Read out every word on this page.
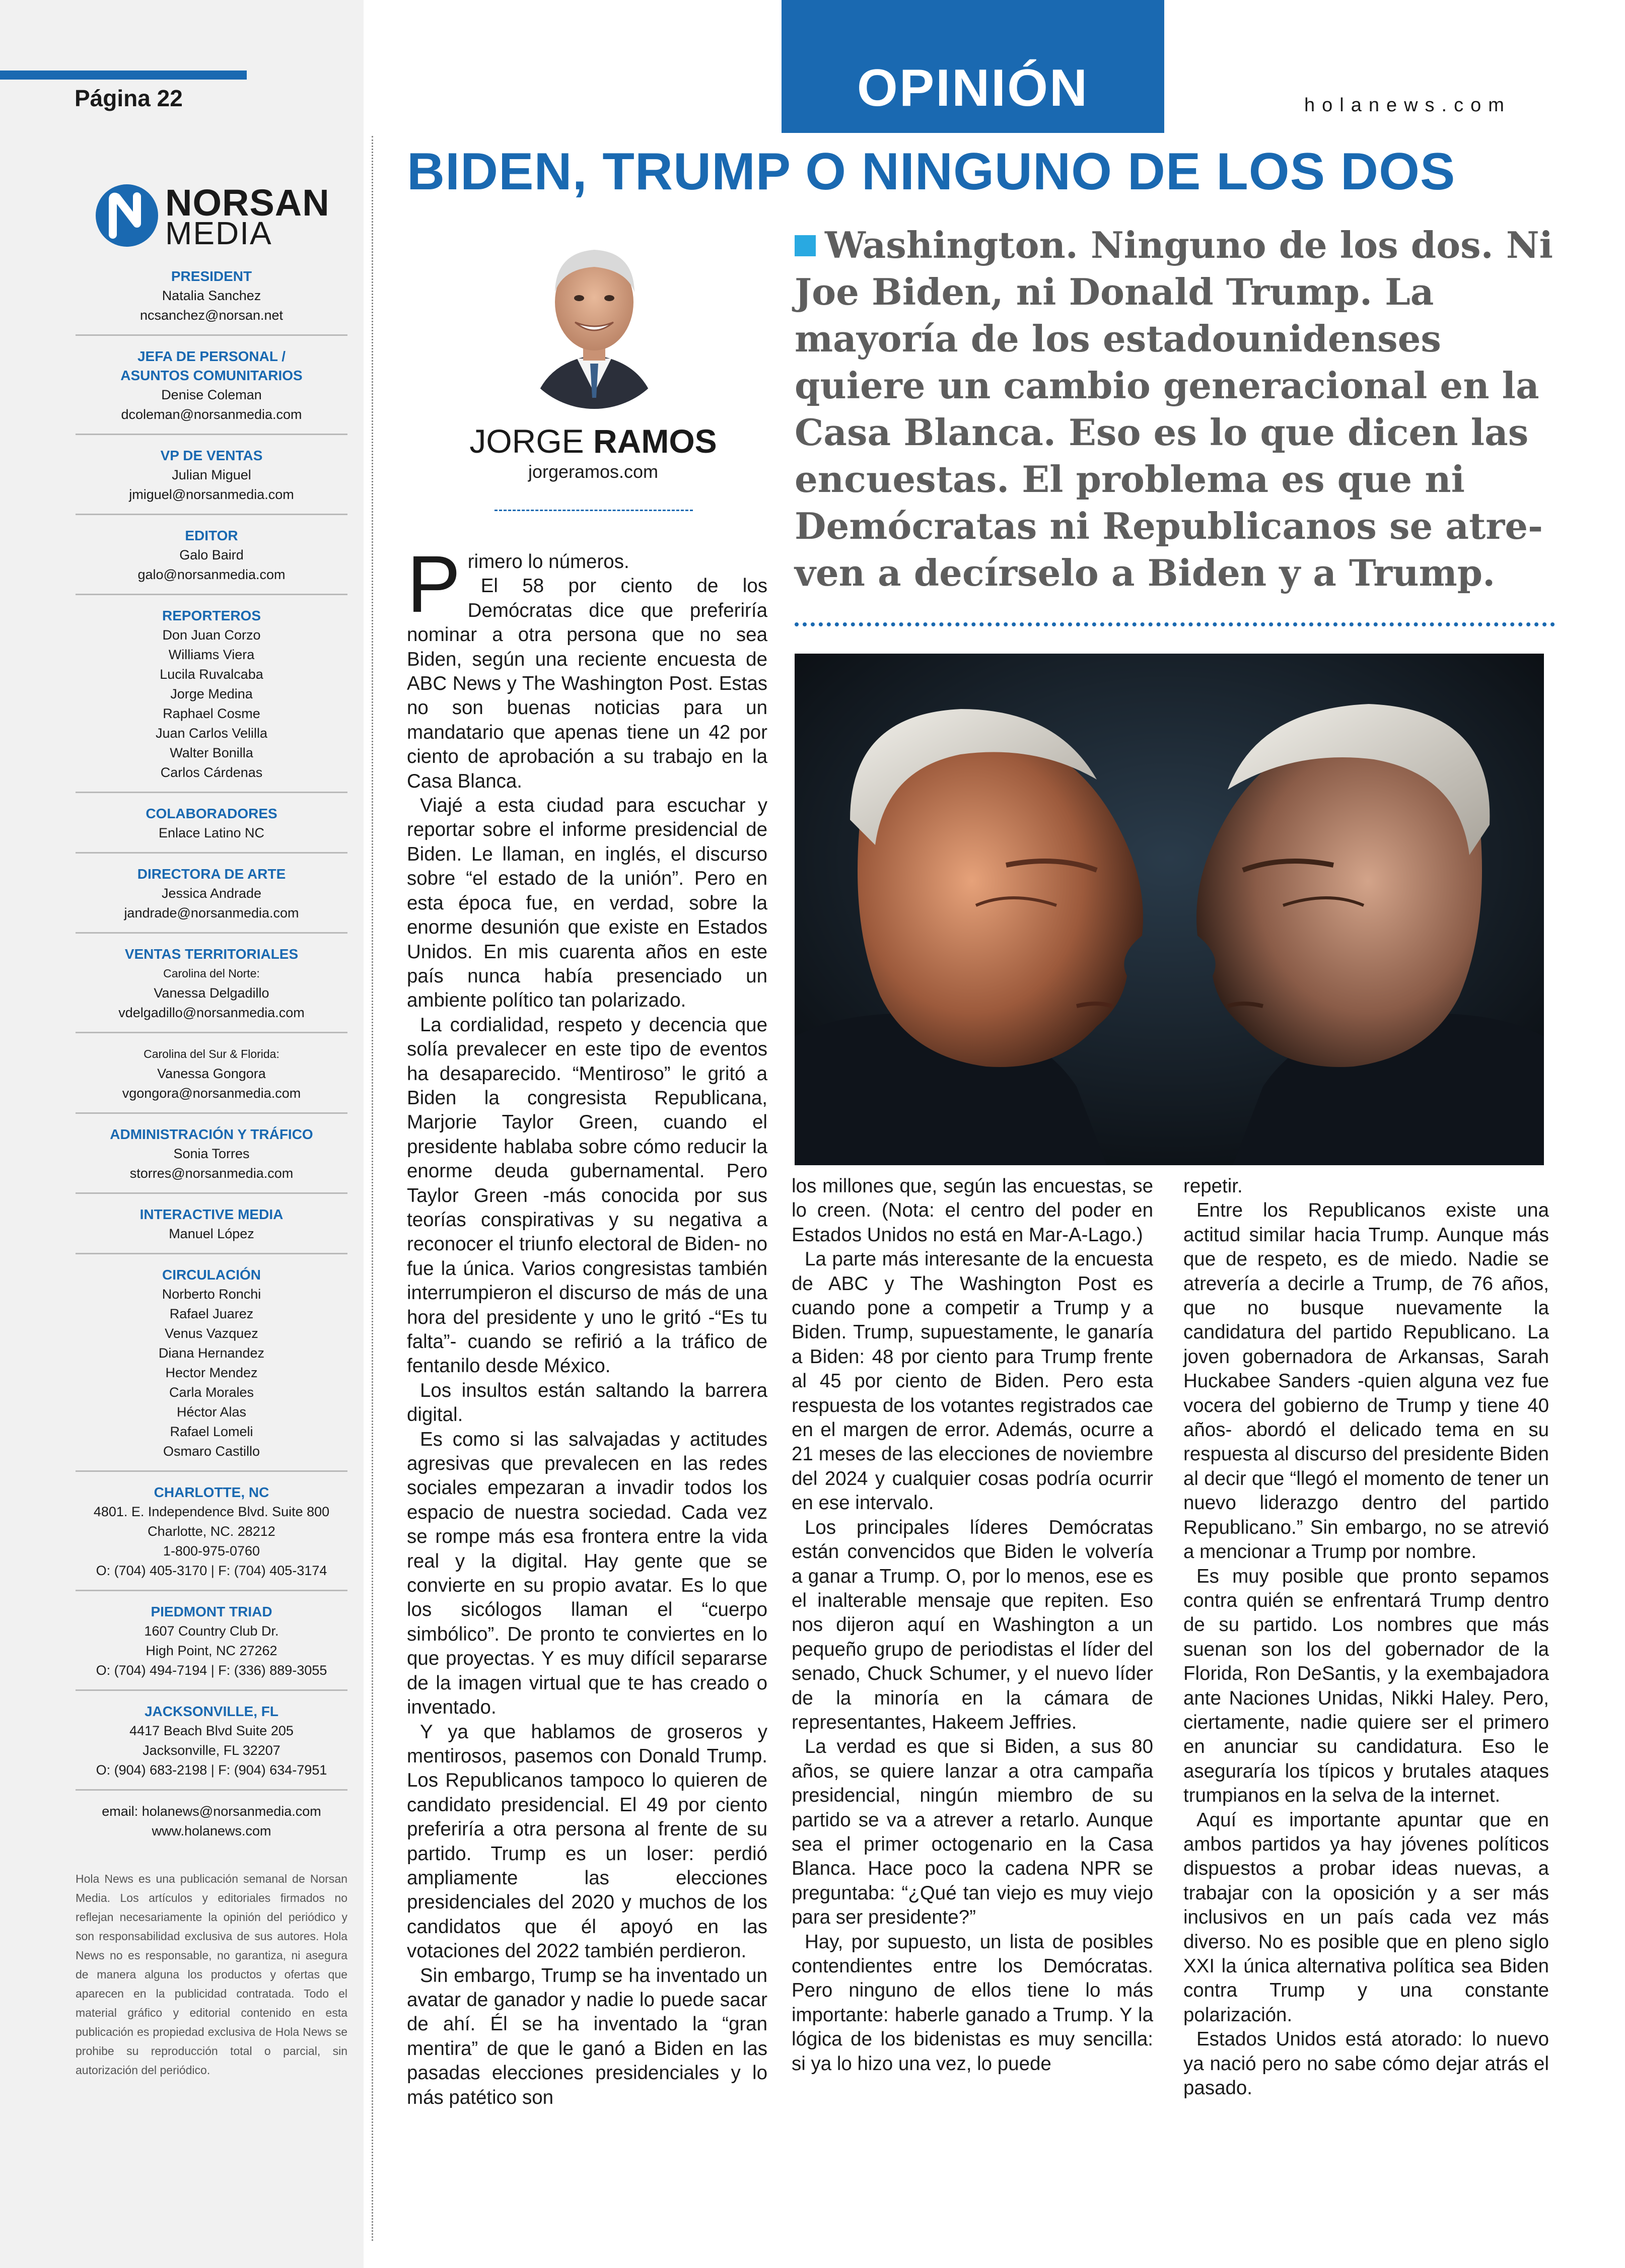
Página 22
NORSAN
MEDIA
PRESIDENT
Natalia Sanchez
ncsanchez@norsan.net
JEFA DE PERSONAL /
ASUNTOS COMUNITARIOS
Denise Coleman
dcoleman@norsanmedia.com
VP DE VENTAS
Julian Miguel
jmiguel@norsanmedia.com
EDITOR
Galo Baird
galo@norsanmedia.com
REPORTEROS
Don Juan Corzo
Williams Viera
Lucila Ruvalcaba
Jorge Medina
Raphael Cosme
Juan Carlos Velilla
Walter Bonilla
Carlos Cárdenas
COLABORADORES
Enlace Latino NC
DIRECTORA DE ARTE
Jessica Andrade
jandrade@norsanmedia.com
VENTAS TERRITORIALES
Carolina del Norte:
Vanessa Delgadillo
vdelgadillo@norsanmedia.com
Carolina del Sur & Florida:
Vanessa Gongora
vgongora@norsanmedia.com
ADMINISTRACIÓN Y TRÁFICO
Sonia Torres
storres@norsanmedia.com
INTERACTIVE MEDIA
Manuel López
CIRCULACIÓN
Norberto Ronchi
Rafael Juarez
Venus Vazquez
Diana Hernandez
Hector Mendez
Carla Morales
Héctor Alas
Rafael Lomeli
Osmaro Castillo
CHARLOTTE, NC
4801. E. Independence Blvd. Suite 800
Charlotte, NC. 28212
1-800-975-0760
O: (704) 405-3170 | F: (704) 405-3174
PIEDMONT TRIAD
1607 Country Club Dr.
High Point, NC 27262
O: (704) 494-7194 | F: (336) 889-3055
JACKSONVILLE, FL
4417 Beach Blvd Suite 205
Jacksonville, FL 32207
O: (904) 683-2198 | F: (904) 634-7951
email: holanews@norsanmedia.com
www.holanews.com
Hola News es una publicación semanal de Norsan Media. Los artículos y editoriales firmados no reflejan necesariamente la opinión del periódico y son responsabilidad exclusiva de sus autores. Hola News no es responsable, no garantiza, ni asegura de manera alguna los productos y ofertas que aparecen en la publicidad contratada. Todo el material gráfico y editorial contenido en esta publicación es propiedad exclusiva de Hola News se prohibe su reproducción total o parcial, sin autorización del periódico.
OPINIÓN	holanews.com
BIDEN, TRUMP O NINGUNO DE LOS DOS
JORGE RAMOS
jorgeramos.com
Washington. Ninguno de los dos. Ni Joe Biden, ni Donald Trump. La mayoría de los estadounidenses quiere un cambio generacional en la Casa Blanca. Eso es lo que dicen las encuestas. El problema es que ni Demócratas ni Republicanos se atre-ven a decírselo a Biden y a Trump.

Primero lo números.

El 58 por ciento de los Demócratas dice que preferiría nominar a otra persona que no sea Biden, según una reciente encuesta de ABC News y The Washington Post. Estas no son buenas noticias para un mandatario que apenas tiene un 42 por ciento de aprobación a su trabajo en la Casa Blanca.

Viajé a esta ciudad para escuchar y reportar sobre el informe presidencial de Biden. Le llaman, en inglés, el discurso sobre “el estado de la unión”. Pero en esta época fue, en verdad, sobre la enorme desunión que existe en Estados Unidos. En mis cuarenta años en este país nunca había presenciado un ambiente político tan polarizado.

La cordialidad, respeto y decencia que solía prevalecer en este tipo de eventos ha desaparecido. “Mentiroso” le gritó a Biden la congresista Republicana, Marjorie Taylor Green, cuando el presidente hablaba sobre cómo reducir la enorme deuda gubernamental. Pero Taylor Green -más conocida por sus teorías conspirativas y su negativa a reconocer el triunfo electoral de Biden- no fue la única. Varios congresistas también interrumpieron el discurso de más de una hora del presidente y uno le gritó -“Es tu falta”- cuando se refirió a la tráfico de fentanilo desde México.

Los insultos están saltando la barrera digital.

Es como si las salvajadas y actitudes agresivas que prevalecen en las redes sociales empezaran a invadir todos los espacio de nuestra sociedad. Cada vez se rompe más esa frontera entre la vida real y la digital. Hay gente que se convierte en su propio avatar. Es lo que los sicólogos llaman el “cuerpo simbólico”. De pronto te conviertes en lo que proyectas. Y es muy difícil separarse de la imagen virtual que te has creado o inventado.

Y ya que hablamos de groseros y mentirosos, pasemos con Donald Trump. Los Republicanos tampoco lo quieren de candidato presidencial. El 49 por ciento preferiría a otra persona al frente de su partido. Trump es un loser: perdió ampliamente las elecciones presidenciales del 2020 y muchos de los candidatos que él apoyó en las votaciones del 2022 también perdieron.

Sin embargo, Trump se ha inventado un avatar de ganador y nadie lo puede sacar de ahí. Él se ha inventado la “gran mentira” de que le ganó a Biden en las pasadas elecciones presidenciales y lo más patético son

los millones que, según las encuestas, se lo creen. (Nota: el centro del poder en Estados Unidos no está en Mar-A-Lago.)

La parte más interesante de la encuesta de ABC y The Washington Post es cuando pone a competir a Trump y a Biden. Trump, supuestamente, le ganaría a Biden: 48 por ciento para Trump frente al 45 por ciento de Biden. Pero esta respuesta de los votantes registrados cae en el margen de error. Además, ocurre a 21 meses de las elecciones de noviembre del 2024 y cualquier cosas podría ocurrir en ese intervalo.

Los principales líderes Demócratas están convencidos que Biden le volvería a ganar a Trump. O, por lo menos, ese es el inalterable mensaje que repiten. Eso nos dijeron aquí en Washington a un pequeño grupo de periodistas el líder del senado, Chuck Schumer, y el nuevo líder de la minoría en la cámara de representantes, Hakeem Jeffries.

La verdad es que si Biden, a sus 80 años, se quiere lanzar a otra campaña presidencial, ningún miembro de su partido se va a atrever a retarlo. Aunque sea el primer octogenario en la Casa Blanca. Hace poco la cadena NPR se preguntaba: “¿Qué tan viejo es muy viejo para ser presidente?”

Hay, por supuesto, un lista de posibles contendientes entre los Demócratas. Pero ninguno de ellos tiene lo más importante: haberle ganado a Trump. Y la lógica de los bidenistas es muy sencilla: si ya lo hizo una vez, lo puede

repetir.

Entre los Republicanos existe una actitud similar hacia Trump. Aunque más que de respeto, es de miedo. Nadie se atrevería a decirle a Trump, de 76 años, que no busque nuevamente la candidatura del partido Republicano. La joven gobernadora de Arkansas, Sarah Huckabee Sanders -quien alguna vez fue vocera del gobierno de Trump y tiene 40 años- abordó el delicado tema en su respuesta al discurso del presidente Biden al decir que “llegó el momento de tener un nuevo liderazgo dentro del partido Republicano.” Sin embargo, no se atrevió a mencionar a Trump por nombre.

Es muy posible que pronto sepamos contra quién se enfrentará Trump dentro de su partido. Los nombres que más suenan son los del gobernador de la Florida, Ron DeSantis, y la exembajadora ante Naciones Unidas, Nikki Haley. Pero, ciertamente, nadie quiere ser el primero en anunciar su candidatura. Eso le aseguraría los típicos y brutales ataques trumpianos en la selva de la internet.

Aquí es importante apuntar que en ambos partidos ya hay jóvenes políticos dispuestos a probar ideas nuevas, a trabajar con la oposición y a ser más inclusivos en un país cada vez más diverso. No es posible que en pleno siglo XXI la única alternativa política sea Biden contra Trump y una constante polarización.

Estados Unidos está atorado: lo nuevo ya nació pero no sabe cómo dejar atrás el pasado.
